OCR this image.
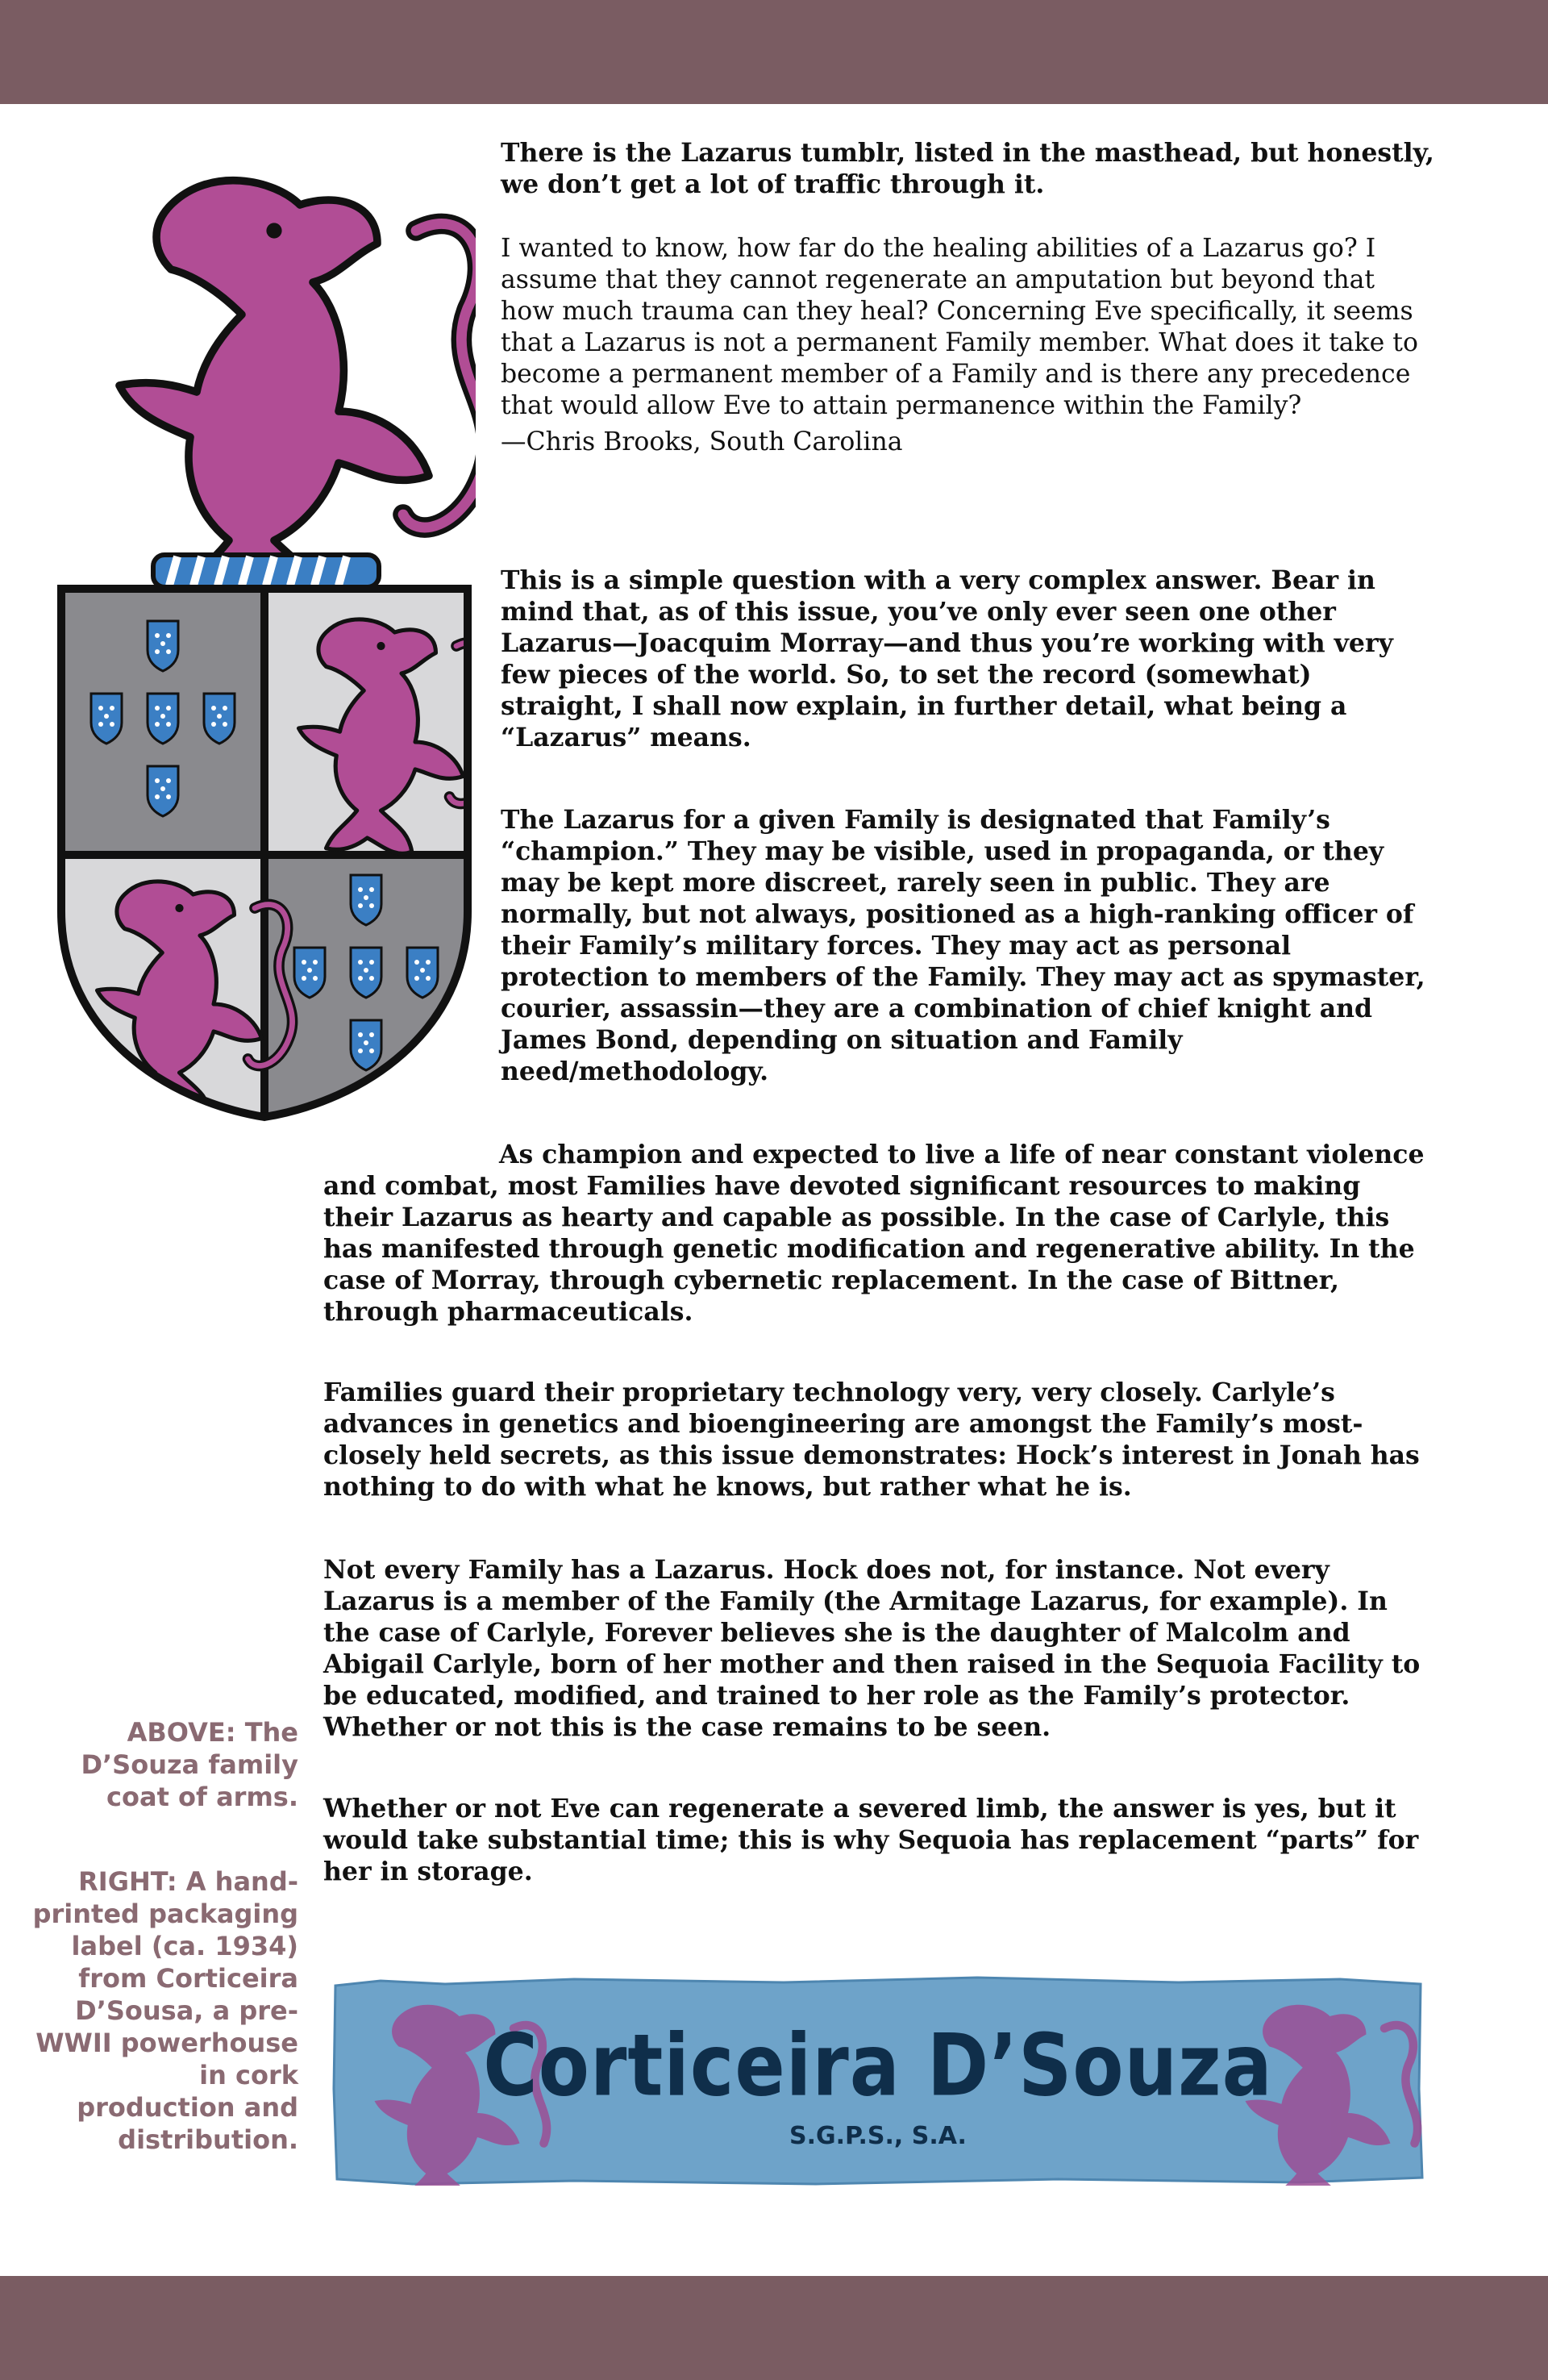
There is the Lazarus tumblr, listed in the masthead, but honestly, we don’t get a lot of traffic through it.

I wanted to know, how far do the healing abilities of a Lazarus go? I assume that they cannot regenerate an amputation but beyond that how much trauma can they heal? Concerning Eve specifically, it seems that a Lazarus is not a permanent Family member. What does it take to become a permanent member of a Family and is there any precedence that would allow Eve to attain permanence within the Family?

—Chris Brooks, South Carolina

This is a simple question with a very complex answer. Bear in mind that, as of this issue, you’ve only ever seen one other Lazarus—Joacquim Morray—and thus you’re working with very few pieces of the world. So, to set the record (somewhat) straight, I shall now explain, in further detail, what being a “Lazarus” means.

The Lazarus for a given Family is designated that Family’s “champion.” They may be visible, used in propaganda, or they may be kept more discreet, rarely seen in public. They are normally, but not always, positioned as a high-ranking officer of their Family’s military forces. They may act as personal protection to members of the Family. They may act as spymaster, courier, assassin—they are a combination of chief knight and James Bond, depending on situation and Family need/methodology.

As champion and expected to live a life of near constant violence and combat, most Families have devoted significant resources to making their Lazarus as hearty and capable as possible. In the case of Carlyle, this has manifested through genetic modification and regenerative ability. In the case of Morray, through cybernetic replacement. In the case of Bittner, through pharmaceuticals.

Families guard their proprietary technology very, very closely. Carlyle’s advances in genetics and bioengineering are amongst the Family’s most-closely held secrets, as this issue demonstrates: Hock’s interest in Jonah has nothing to do with what he knows, but rather what he is.

Not every Family has a Lazarus. Hock does not, for instance. Not every Lazarus is a member of the Family (the Armitage Lazarus, for example). In the case of Carlyle, Forever believes she is the daughter of Malcolm and Abigail Carlyle, born of her mother and then raised in the Sequoia Facility to be educated, modified, and trained to her role as the Family’s protector. Whether or not this is the case remains to be seen.

Whether or not Eve can regenerate a severed limb, the answer is yes, but it would take substantial time; this is why Sequoia has replacement “parts” for her in storage.

ABOVE: The D’Souza family coat of arms.
RIGHT: A hand-printed packaging label (ca. 1934) from Corticeira D’Sousa, a pre-WWII powerhouse in cork production and distribution.
Corticeira D’Souza
S.G.P.S., S.A.
